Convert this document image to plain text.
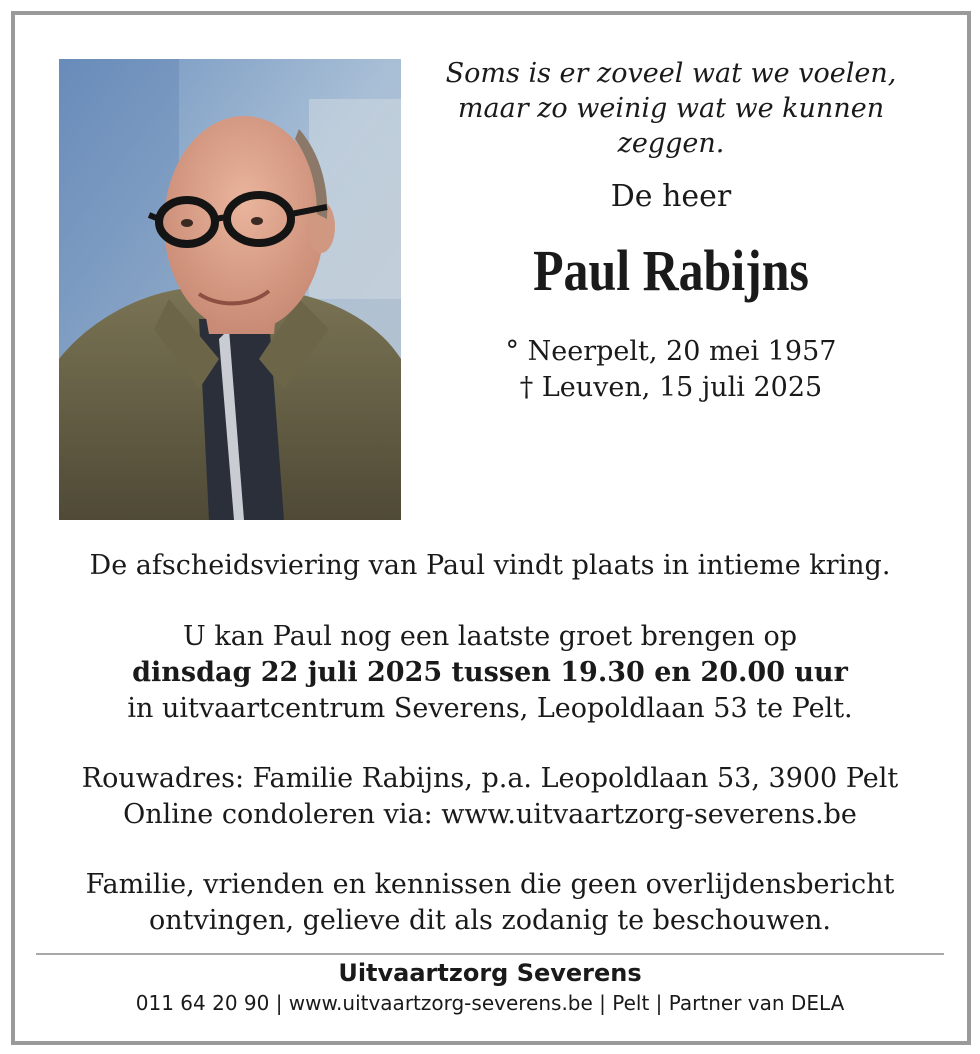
Soms is er zoveel wat we voelen,
maar zo weinig wat we kunnen
zeggen.
De heer
Paul Rabijns
° Neerpelt, 20 mei 1957
† Leuven, 15 juli 2025
De afscheidsviering van Paul vindt plaats in intieme kring.
U kan Paul nog een laatste groet brengen op
dinsdag 22 juli 2025 tussen 19.30 en 20.00 uur
in uitvaartcentrum Severens, Leopoldlaan 53 te Pelt.
Rouwadres: Familie Rabijns, p.a. Leopoldlaan 53, 3900 Pelt
Online condoleren via: www.uitvaartzorg-severens.be
Familie, vrienden en kennissen die geen overlijdensbericht
ontvingen, gelieve dit als zodanig te beschouwen.
Uitvaartzorg Severens
011 64 20 90 | www.uitvaartzorg-severens.be | Pelt | Partner van DELA
